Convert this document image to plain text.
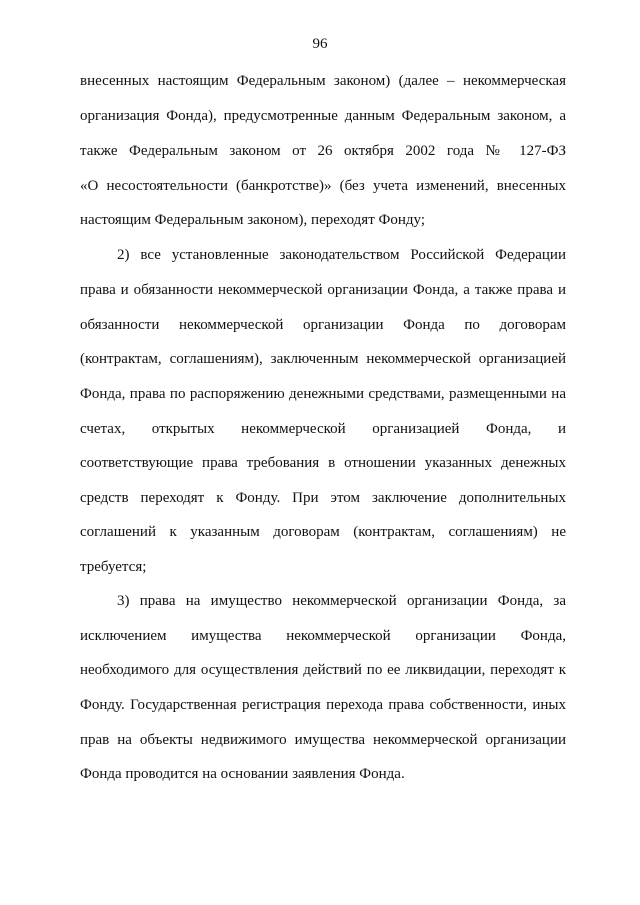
96
внесенных настоящим Федеральным законом) (далее – некоммерческая
организация Фонда), предусмотренные данным Федеральным законом, а
также Федеральным законом от 26 октября 2002 года № 127-ФЗ
«О несостоятельности (банкротстве)» (без учета изменений, внесенных
настоящим Федеральным законом), переходят Фонду;
2) все установленные законодательством Российской Федерации
права и обязанности некоммерческой организации Фонда, а также права и
обязанности некоммерческой организации Фонда по договорам
(контрактам, соглашениям), заключенным некоммерческой организацией
Фонда, права по распоряжению денежными средствами, размещенными на
счетах, открытых некоммерческой организацией Фонда, и
соответствующие права требования в отношении указанных денежных
средств переходят к Фонду. При этом заключение дополнительных
соглашений к указанным договорам (контрактам, соглашениям) не
требуется;
3) права на имущество некоммерческой организации Фонда, за
исключением имущества некоммерческой организации Фонда,
необходимого для осуществления действий по ее ликвидации, переходят к
Фонду. Государственная регистрация перехода права собственности, иных
прав на объекты недвижимого имущества некоммерческой организации
Фонда проводится на основании заявления Фонда.
